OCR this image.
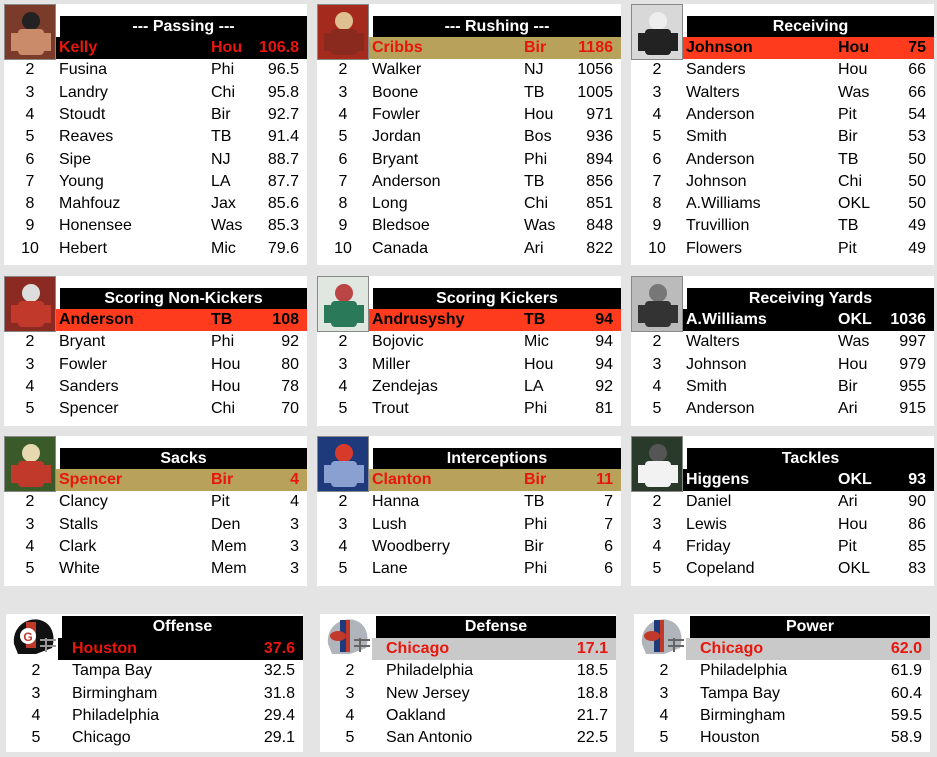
--- Passing ---
Kelly	Hou 106.8
2	Fusina	Phi 96.5
3	Landry	Chi 95.8
4	Stoudt	Bir 92.7
5	Reaves	TB 91.4
6	Sipe	NJ 88.7
7	Young	LA 87.7
8	Mahfouz	Jax 85.6
9	Honensee	Was 85.3
10	Hebert	Mic 79.6
--- Rushing ---
Cribbs	Bir 1186
2	Walker	NJ 1056
3	Boone	TB 1005
4	Fowler	Hou 971
5	Jordan	Bos 936
6	Bryant	Phi 894
7	Anderson	TB	856
8	Long	Chi 851
9	Bledsoe	Was 848
10	Canada	Ari	822
Receiving
Johnson	Hou 75
2	Sanders	Hou	66
3	Walters	Was 66
4	Anderson	Pit	54
5	Smith	Bir	53
6	Anderson	TB	50
7	Johnson	Chi	50
8	A.Williams	OKL 50
9	Truvillion	TB	49
10	Flowers	Pit	49
Scoring Non-Kickers
Anderson	TB 108
2	Bryant	Phi	92
3	Fowler	Hou	80
4	Sanders	Hou	78
5	Spencer	Chi	70
Scoring Kickers
Andrusyshy	TB	94
2	Bojovic	Mic	94
3	Miller	Hou	94
4	Zendejas	LA	92
5	Trout	Phi	81
Receiving Yards
A.Williams	OKL 1036
2	Walters	Was 997
3	Johnson	Hou 979
4	Smith	Bir	955
5	Anderson	Ari	915
Sacks
Spencer	Bir	4
2	Clancy	Pit	4
3	Stalls	Den	3
4	Clark	Mem	3
5	White	Mem	3
Interceptions
Clanton	Bir	11
2	Hanna	TB	7
3	Lush	Phi	7
4	Woodberry	Bir	6
5	Lane	Phi	6
Tackles
Higgens	OKL 93
2	Daniel	Ari	90
3	Lewis	Hou	86
4	Friday	Pit	85
5	Copeland	OKL 83
G
Offense
Houston	37.6
2	Tampa Bay	32.5
3	Birmingham	31.8
4	Philadelphia	29.4
5	Chicago	29.1
Defense
Chicago	17.1
2	Philadelphia	18.5
3	New Jersey	18.8
4	Oakland	21.7
5	San Antonio	22.5
Power
Chicago	62.0
2	Philadelphia	61.9
3	Tampa Bay	60.4
4	Birmingham	59.5
5	Houston	58.9
